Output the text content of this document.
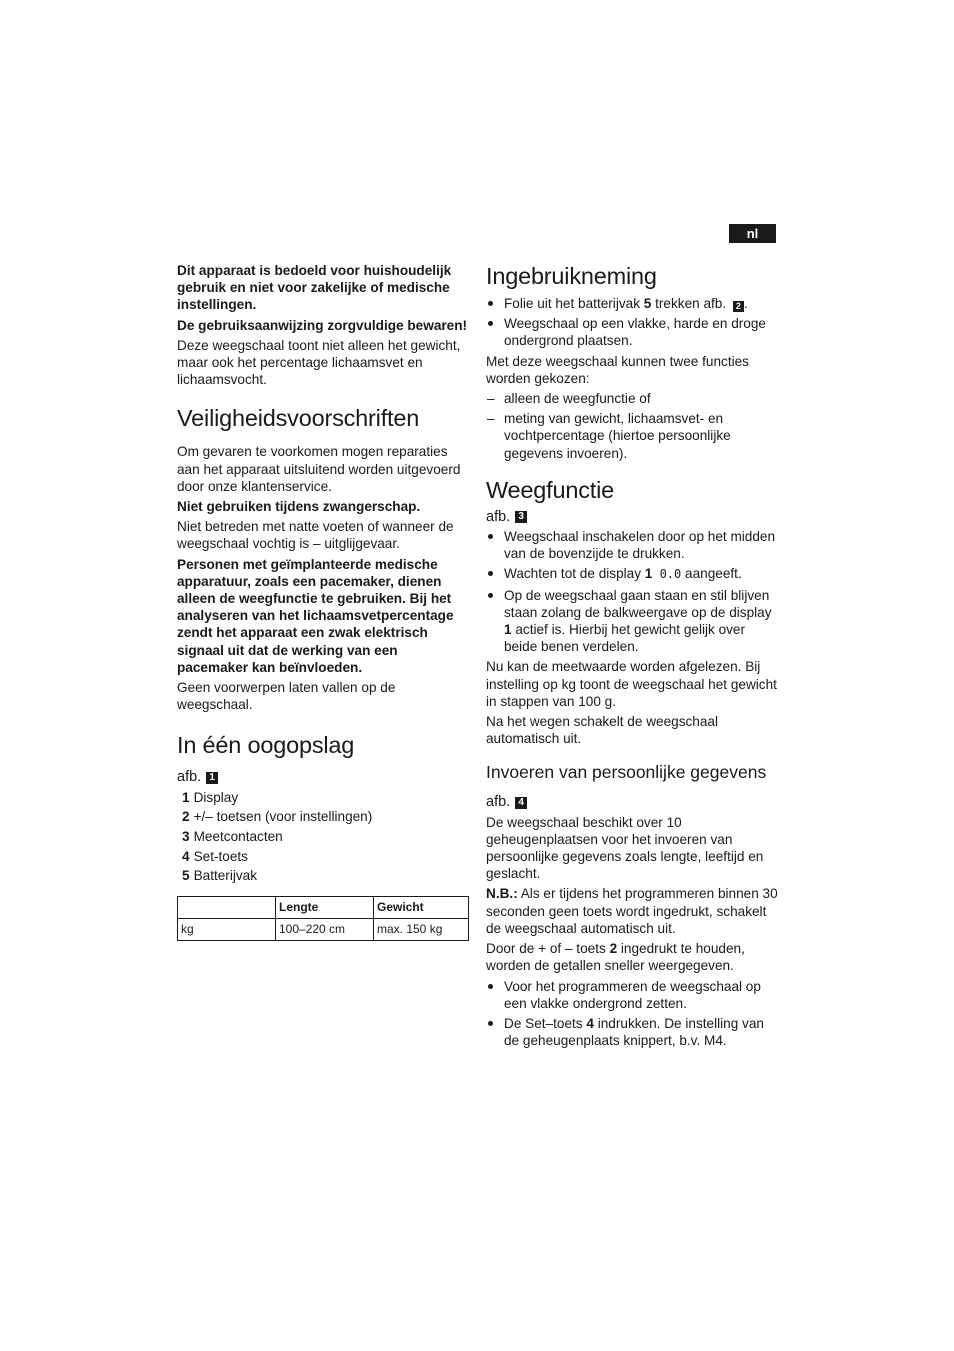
nl

Dit apparaat is bedoeld voor huishoudelijk gebruik en niet voor zakelijke of medische instellingen.

De gebruiksaanwijzing zorgvuldige bewaren!

Deze weegschaal toont niet alleen het gewicht, maar ook het percentage lichaamsvet en lichaamsvocht.

Veiligheidsvoorschriften

Om gevaren te voorkomen mogen reparaties aan het apparaat uitsluitend worden uitgevoerd door onze klantenservice.

Niet gebruiken tijdens zwangerschap.

Niet betreden met natte voeten of wanneer de weegschaal vochtig is – uitglijgevaar.

Personen met geïmplanteerde medische apparatuur, zoals een pacemaker, dienen alleen de weegfunctie te gebruiken. Bij het analyseren van het lichaamsvetpercentage zendt het apparaat een zwak elektrisch signaal uit dat de werking van een pacemaker kan beïnvloeden.

Geen voorwerpen laten vallen op de weegschaal.

In één oogopslag
afb. 1
1 Display
2 +/– toetsen (voor instellingen)
3 Meetcontacten
4 Set-toets
5 Batterijvak
	Lengte	Gewicht
kg	100–220 cm	max. 150 kg
Ingebruikneming
Folie uit het batterijvak 5 trekken afb. 2 .
Weegschaal op een vlakke, harde en droge ondergrond plaatsen.

Met deze weegschaal kunnen twee functies worden gekozen:

– alleen de weegfunctie of
– meting van gewicht, lichaamsvet- en vochtpercentage (hiertoe persoonlijke gegevens invoeren).
Weegfunctie
afb. 3
Weegschaal inschakelen door op het midden van de bovenzijde te drukken.
Wachten tot de display 1 0.0 aangeeft.
Op de weegschaal gaan staan en stil blijven staan zolang de balkweergave op de display 1 actief is. Hierbij het gewicht gelijk over beide benen verdelen.

Nu kan de meetwaarde worden afgelezen. Bij instelling op kg toont de weegschaal het gewicht in stappen van 100 g.

Na het wegen schakelt de weegschaal automatisch uit.

Invoeren van persoonlijke gegevens
afb. 4

De weegschaal beschikt over 10 geheugenplaatsen voor het invoeren van persoonlijke gegevens zoals lengte, leeftijd en geslacht.

N.B.: Als er tijdens het programmeren binnen 30 seconden geen toets wordt ingedrukt, schakelt de weegschaal automatisch uit.

Door de + of – toets 2 ingedrukt te houden, worden de getallen sneller weergegeven.

Voor het programmeren de weegschaal op een vlakke ondergrond zetten.
De Set–toets 4 indrukken. De instelling van de geheugenplaats knippert, b.v. M4.
